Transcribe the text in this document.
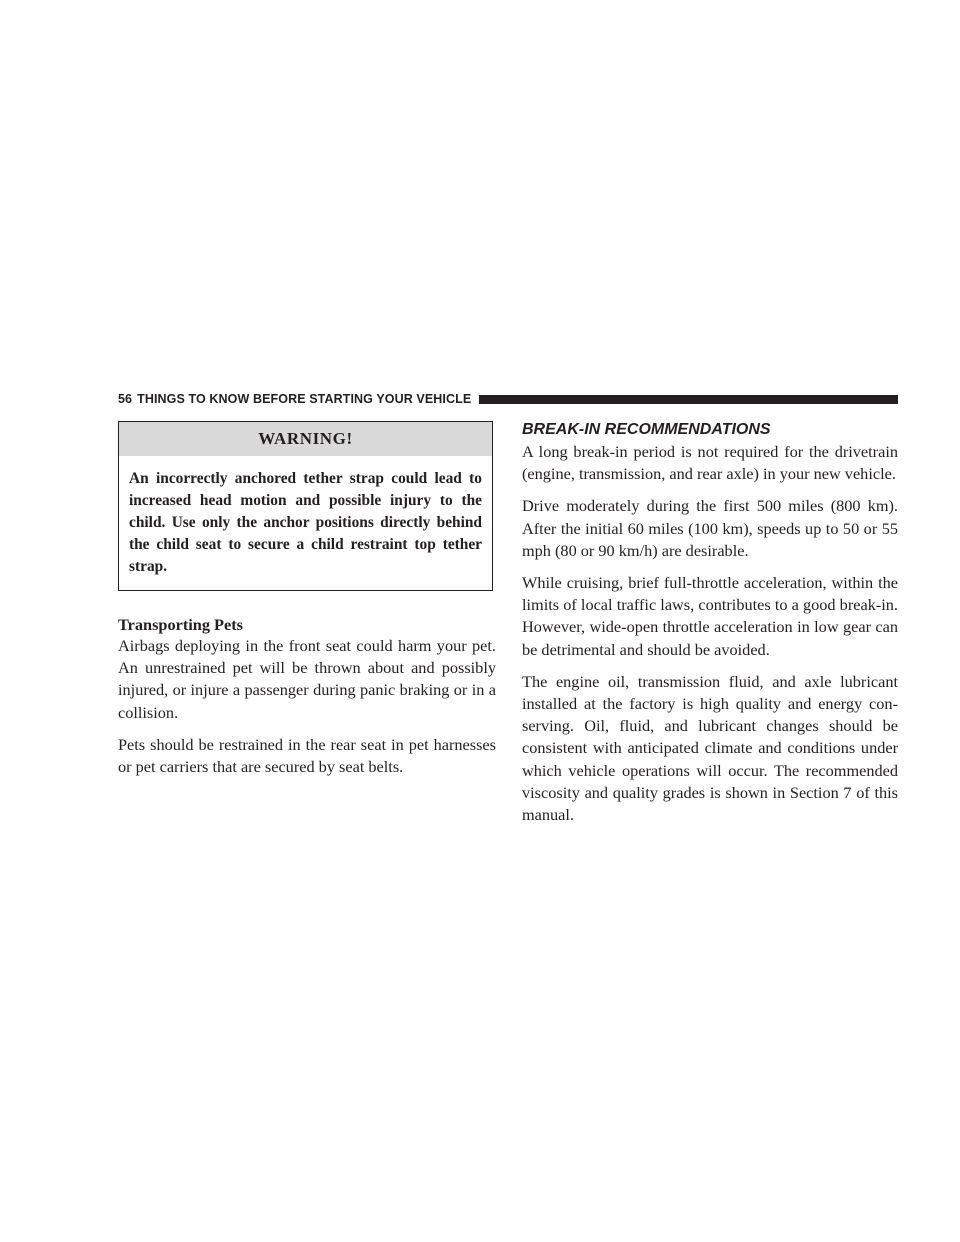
56 THINGS TO KNOW BEFORE STARTING YOUR VEHICLE
WARNING!
An incorrectly anchored tether strap could lead to increased head motion and possible injury to the child. Use only the anchor positions directly behind the child seat to secure a child restraint top tether strap.
Transporting Pets

Airbags deploying in the front seat could harm your pet. An unrestrained pet will be thrown about and possibly injured, or injure a passenger during panic braking or in a collision.

Pets should be restrained in the rear seat in pet harnesses or pet carriers that are secured by seat belts.

BREAK-IN RECOMMENDATIONS

A long break-in period is not required for the drivetrain (engine, transmission, and rear axle) in your new vehicle.

Drive moderately during the first 500 miles (800 km). After the initial 60 miles (100 km), speeds up to 50 or 55 mph (80 or 90 km/h) are desirable.

While cruising, brief full-throttle acceleration, within the limits of local traffic laws, contributes to a good break-in. However, wide-open throttle acceleration in low gear can be detrimental and should be avoided.

The engine oil, transmission fluid, and axle lubricant installed at the factory is high quality and energy con-serving. Oil, fluid, and lubricant changes should be consistent with anticipated climate and conditions under which vehicle operations will occur. The recommended viscosity and quality grades is shown in Section 7 of this manual.
